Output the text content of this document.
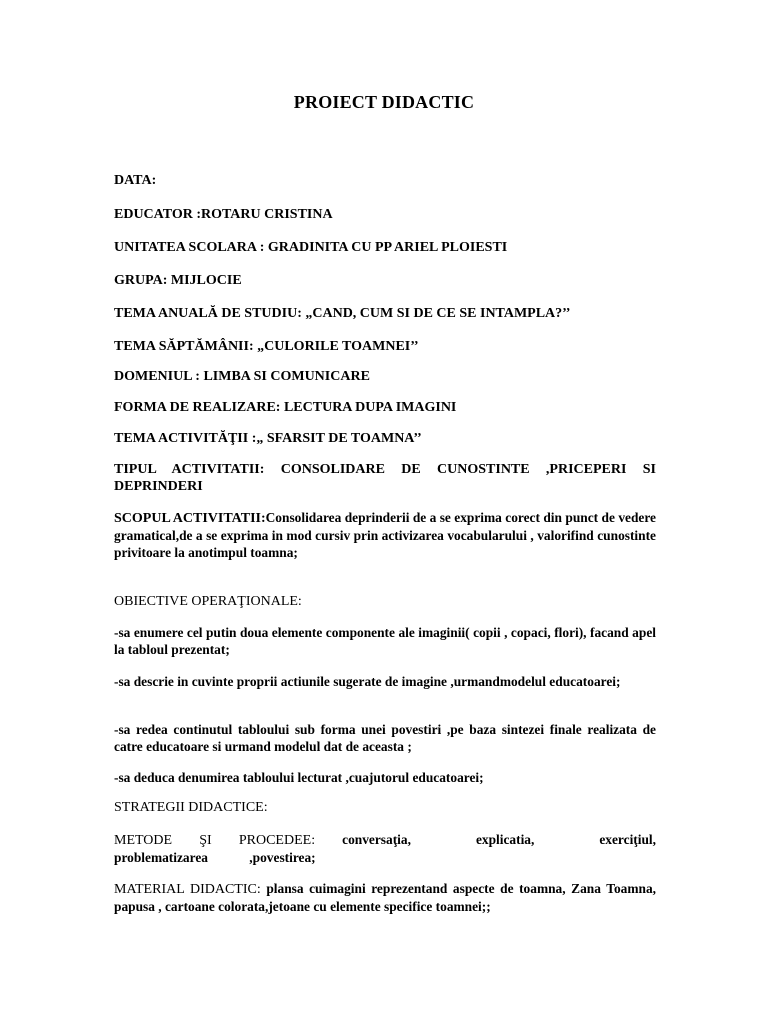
PROIECT DIDACTIC
DATA:
EDUCATOR :ROTARU CRISTINA
UNITATEA SCOLARA : GRADINITA CU PP ARIEL PLOIESTI
GRUPA: MIJLOCIE
TEMA ANUALĂ DE STUDIU: „CAND, CUM SI DE CE SE INTAMPLA?’’
TEMA SĂPTĂMÂNII: „CULORILE TOAMNEI’’
DOMENIUL : LIMBA SI COMUNICARE
FORMA DE REALIZARE: LECTURA DUPA IMAGINI
TEMA ACTIVITĂŢII :„ SFARSIT DE TOAMNA’’
TIPUL ACTIVITATII: CONSOLIDARE DE CUNOSTINTE ,PRICEPERI SI DEPRINDERI
SCOPUL ACTIVITATII:Consolidarea deprinderii de a se exprima corect din punct de vedere gramatical,de a se exprima in mod cursiv prin activizarea vocabularului , valorifind cunostinte privitoare la anotimpul toamna;
OBIECTIVE OPERAŢIONALE:
-sa enumere cel putin doua elemente componente ale imaginii( copii , copaci, flori), facand apel la tabloul prezentat;
-sa descrie in cuvinte proprii actiunile sugerate de imagine ,urmandmodelul educatoarei;
-sa redea continutul tabloului sub forma unei povestiri ,pe baza sintezei finale realizata de catre educatoare si urmand modelul dat de aceasta ;
-sa deduca denumirea tabloului lecturat ,cuajutorul educatoarei;
STRATEGII DIDACTICE:
METODE ŞI PROCEDEE: conversaţia, explicatia, exerciţiul, problematizarea ,povestirea;
MATERIAL DIDACTIC: plansa cuimagini reprezentand aspecte de toamna, Zana Toamna, papusa , cartoane colorata,jetoane cu elemente specifice toamnei;;
